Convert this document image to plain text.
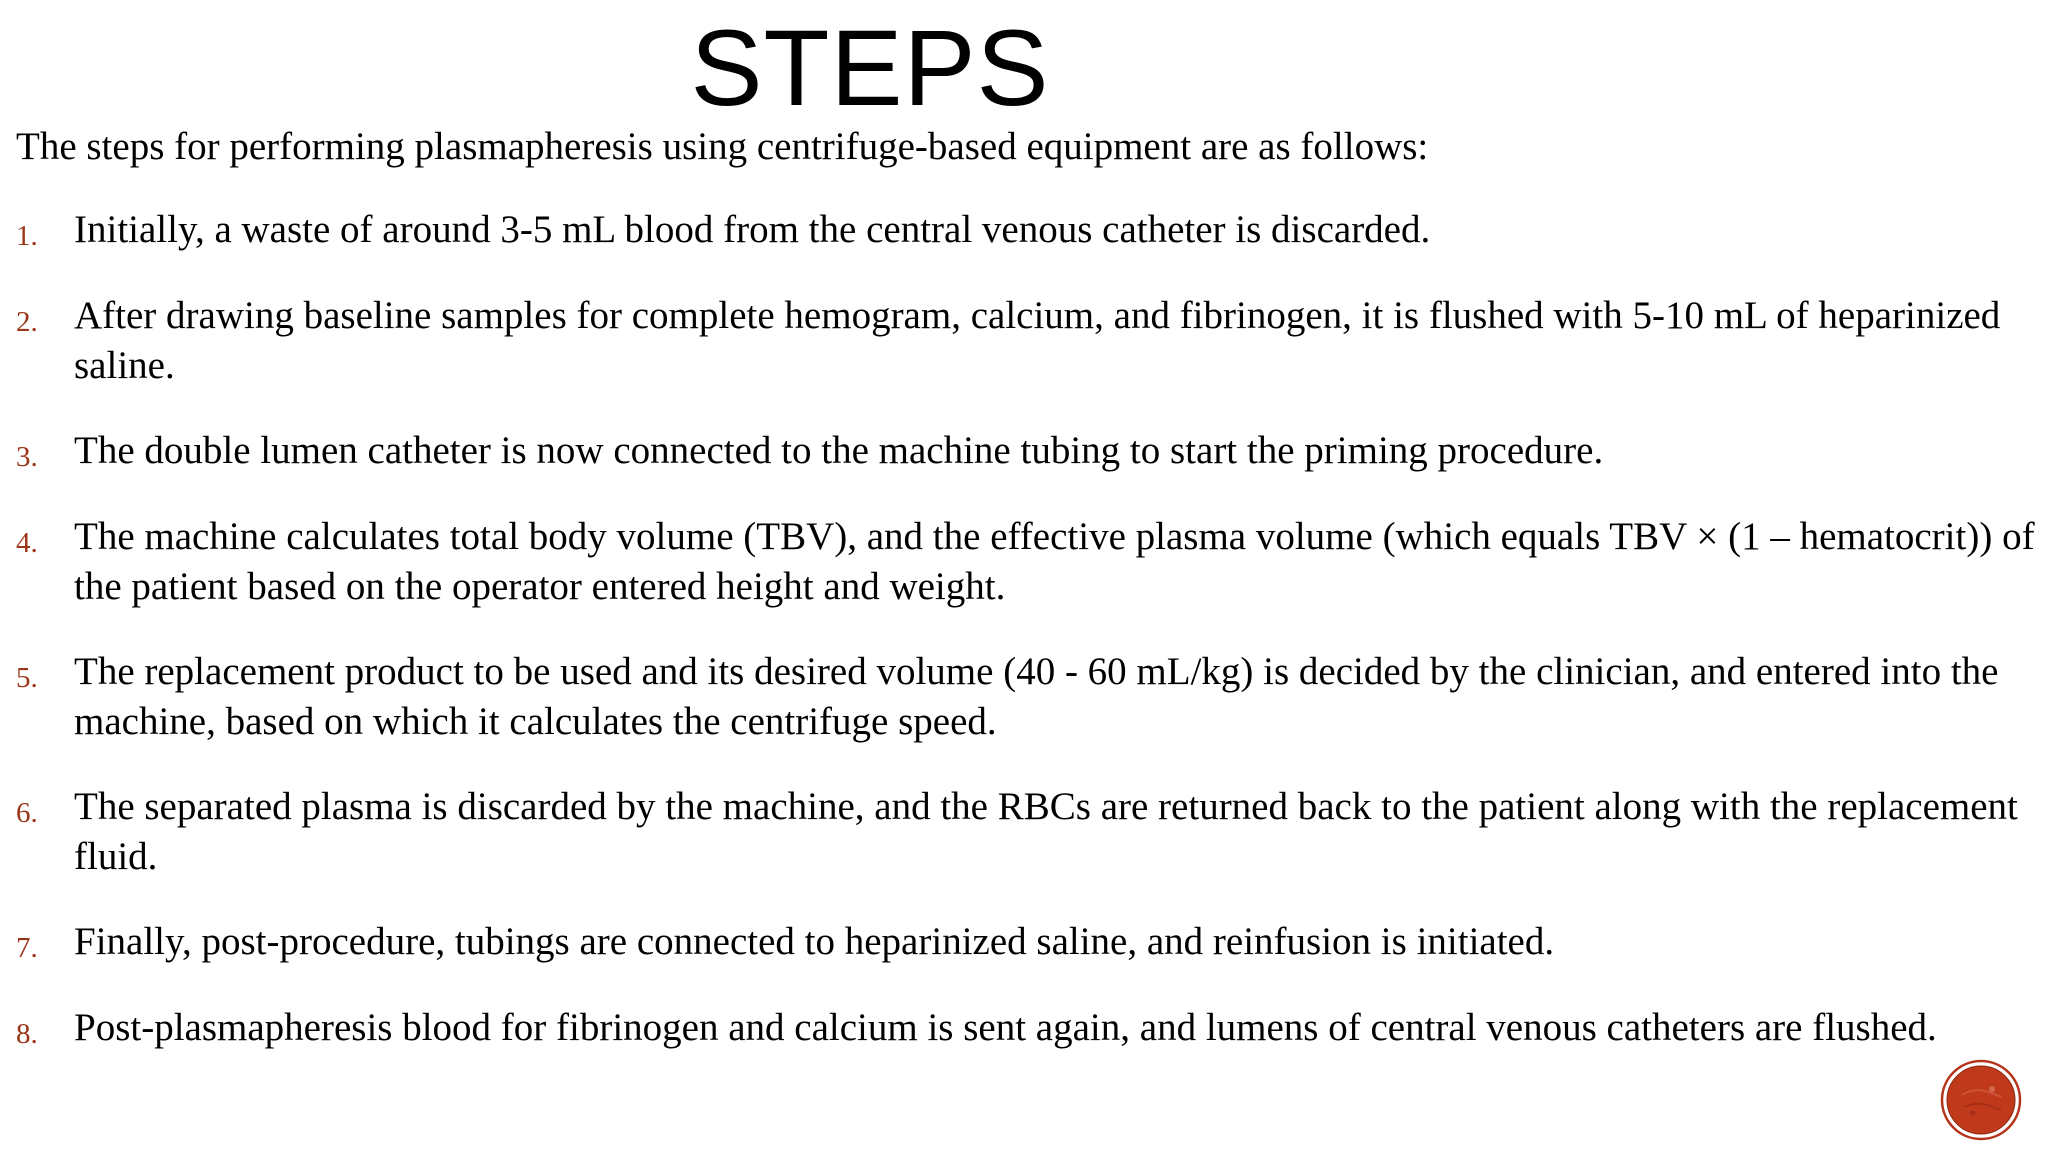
STEPS

The steps for performing plasmapheresis using centrifuge-based equipment are as follows:

1. Initially, a waste of around 3-5 mL blood from the central venous catheter is discarded.

2. After drawing baseline samples for complete hemogram, calcium, and fibrinogen, it is flushed with 5-10 mL of heparinized
saline.

3. The double lumen catheter is now connected to the machine tubing to start the priming procedure.

4. The machine calculates total body volume (TBV), and the effective plasma volume (which equals TBV × (1 – hematocrit)) of
the patient based on the operator entered height and weight.

5. The replacement product to be used and its desired volume (40 - 60 mL/kg) is decided by the clinician, and entered into the
machine, based on which it calculates the centrifuge speed.

6. The separated plasma is discarded by the machine, and the RBCs are returned back to the patient along with the replacement
fluid.

7. Finally, post-procedure, tubings are connected to heparinized saline, and reinfusion is initiated.

8. Post-plasmapheresis blood for fibrinogen and calcium is sent again, and lumens of central venous catheters are flushed.
